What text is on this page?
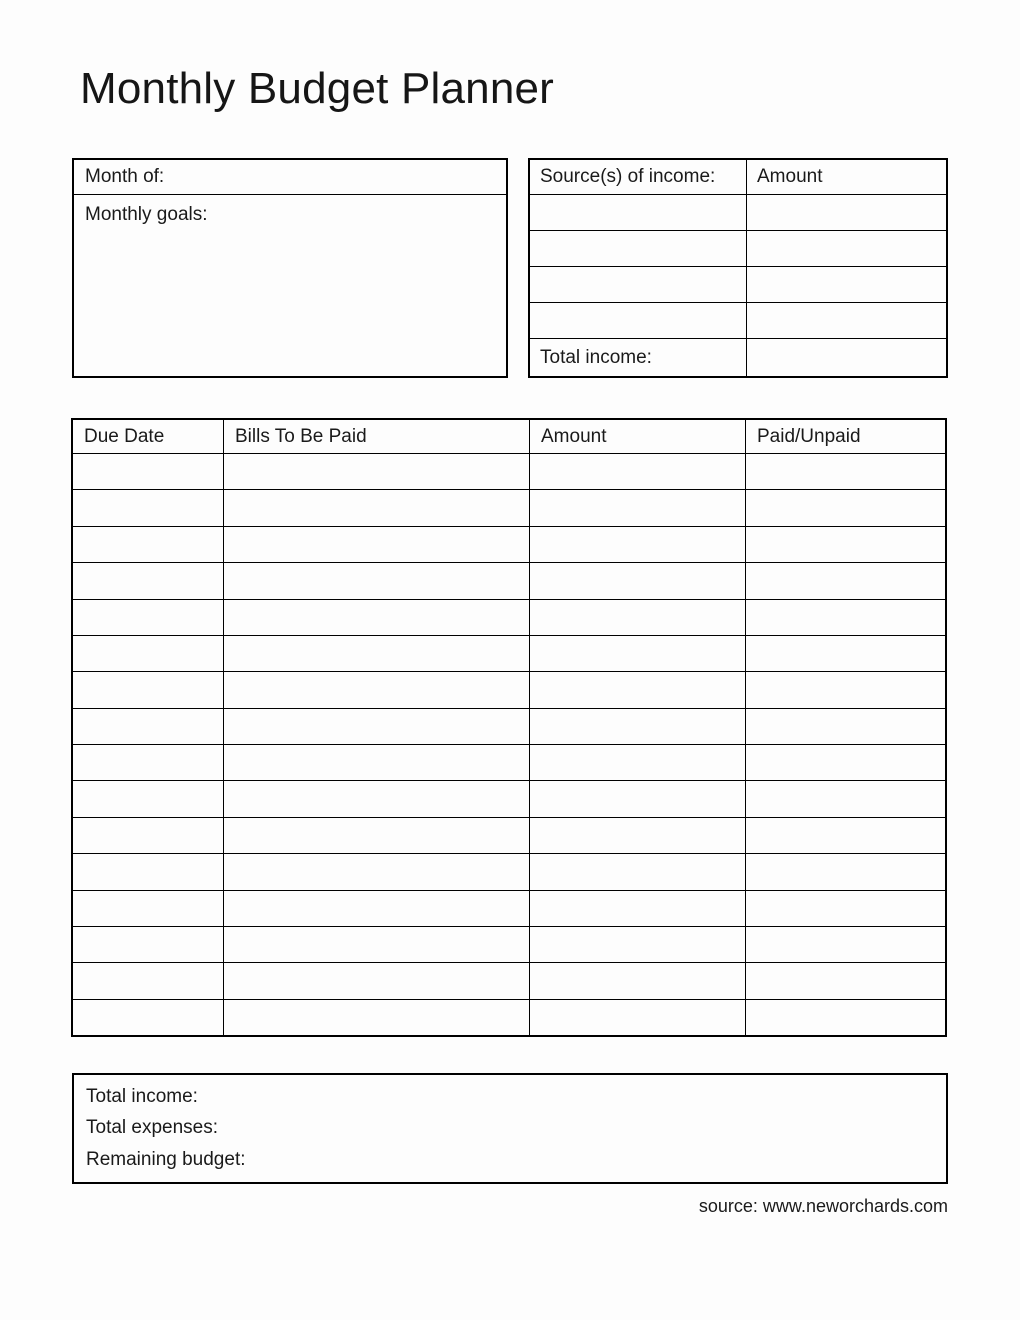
Monthly Budget Planner
Month of:
Monthly goals:
Source(s) of income:	Amount
Total income:
Due Date	Bills To Be Paid	Amount	Paid/Unpaid
Total income:
Total expenses:
Remaining budget:

source: www.neworchards.com
